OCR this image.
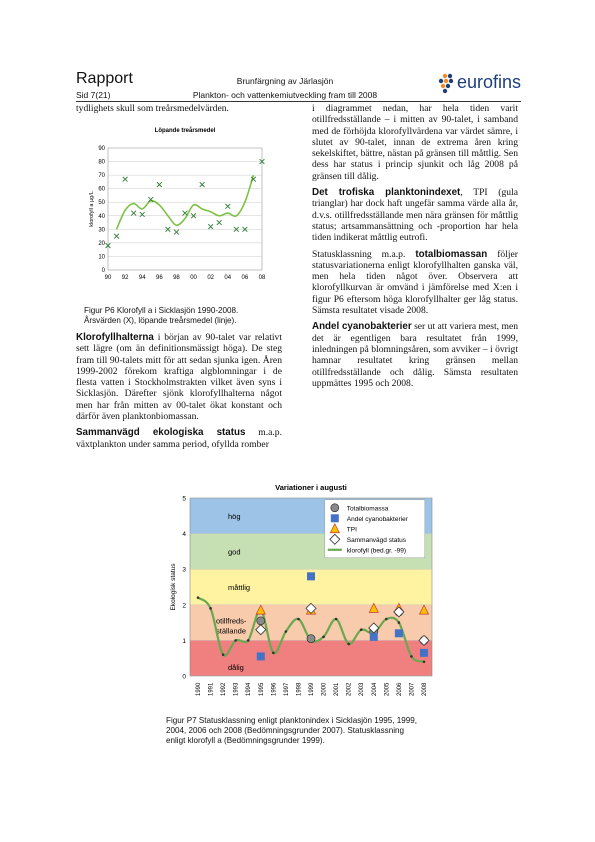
Rapport
Sid 7(21)
Brunfärgning av Järlasjön
Plankton- och vattenkemiutveckling fram till 2008
eurofins
tydlighets skull som treårsmedelvärden.
Löpande treårsmedel
0
10
20
30
40
50
60
70
80
90
90 92 94 96 98 00 02 04 06 08
klorofyll a µg/L
Figur P6 Klorofyll a i Sicklasjön 1990-2008.
Årsvärden (X), löpande treårsmedel (linje).

Klorofyllhalterna i början av 90-talet var relativt sett lägre (om än definitionsmässigt höga). De steg fram till 90-talets mitt för att sedan sjunka igen. Åren 1999-2002 förekom kraftiga algblomningar i de flesta vatten i Stockholmstrakten vilket även syns i Sicklasjön. Därefter sjönk klorofyllhalterna något men har från mitten av 00-talet ökat konstant och därför även planktonbiomassan.

Sammanvägd ekologiska status m.a.p. växtplankton under samma period, ofyllda romber

i diagrammet nedan, har hela tiden varit otillfredsställande – i mitten av 90-talet, i samband med de förhöjda klorofyllvärdena var värdet sämre, i slutet av 90-talet, innan de extrema åren kring sekelskiftet, bättre, nästan på gränsen till måttlig. Sen dess har status i princip sjunkit och låg 2008 på gränsen till dålig.

Det trofiska planktonindexet, TPI (gula trianglar) har dock haft ungefär samma värde alla år, d.v.s. otillfredsställande men nära gränsen för måttlig status; artsammansättning och -proportion har hela tiden indikerat måttlig eutrofi.

Statusklassning m.a.p. totalbiomassan följer statusvariationerna enligt klorofyllhalten ganska väl, men hela tiden något över. Observera att klorofyllkurvan är omvänd i jämförelse med X:en i figur P6 eftersom höga klorofyllhalter ger låg status. Sämsta resultatet visade 2008.

Andel cyanobakterier ser ut att variera mest, men det är egentligen bara resultatet från 1999, inledningen på blomningsåren, som avviker – i övrigt hamnar resultatet kring gränsen mellan otillfredsställande och dålig. Sämsta resultaten uppmättes 1995 och 2008.

Variationer i augusti
hög
god
måttlig
otillfreds-
ställande
dålig
0
1
2
3
4
5
1990 1991 1992 1993 1994 1995 1996 1997 1998 1999 2000 2001 2002 2003 2004 2005 2006 2007 2008
Ekologisk status
Totalbiomassa
Andel cyanobakterier
TPI
Sammanvägd status
klorofyll (bed.gr. -99)
Figur P7 Statusklassning enligt planktonindex i Sicklasjön 1995, 1999,
2004, 2006 och 2008 (Bedömningsgrunder 2007). Statusklassning
enligt klorofyll a (Bedömningsgrunder 1999).
